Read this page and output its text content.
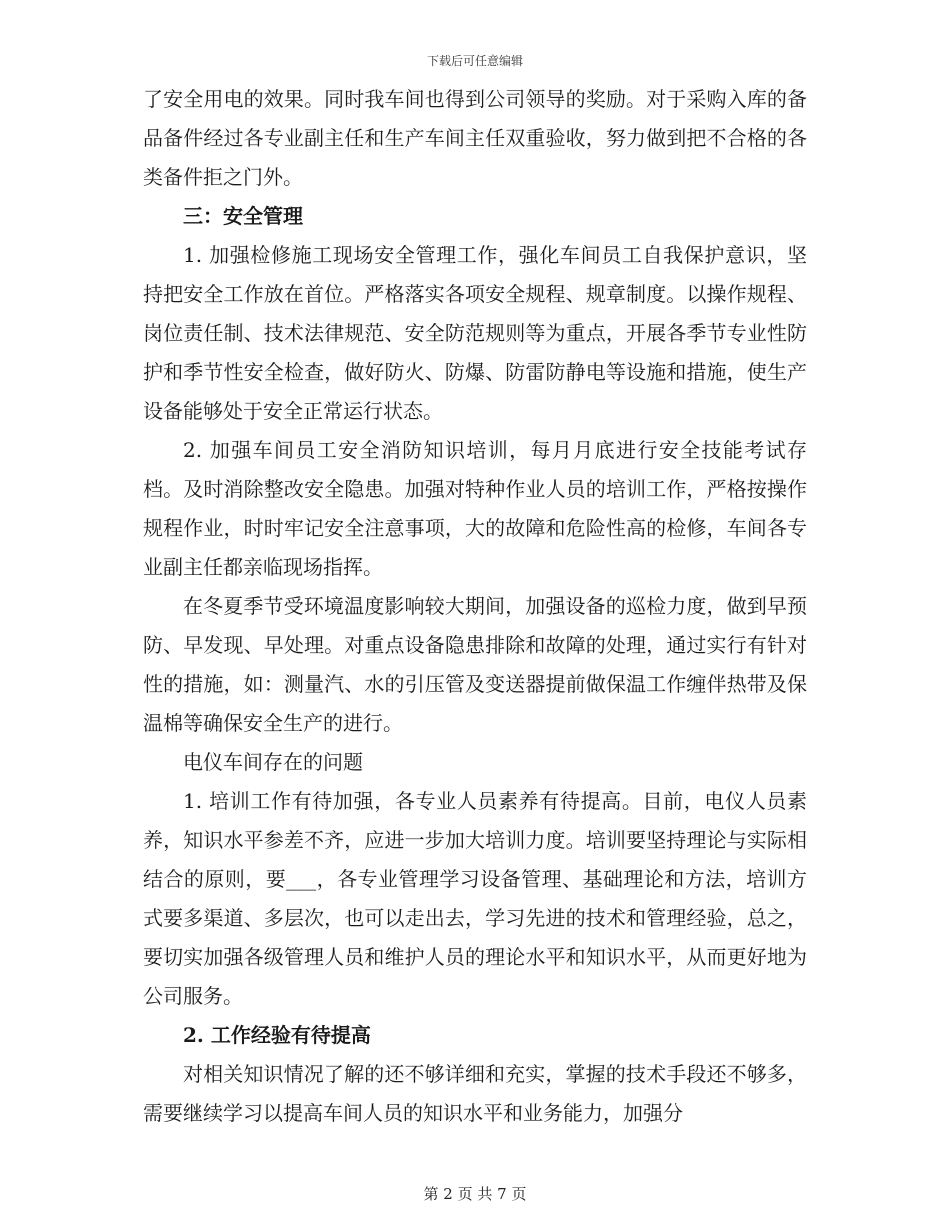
下载后可任意编辑

了安全用电的效果。同时我车间也得到公司领导的奖励。对于采购入库的备品备件经过各专业副主任和生产车间主任双重验收，努力做到把不合格的各类备件拒之门外。

三：安全管理

1. 加强检修施工现场安全管理工作，强化车间员工自我保护意识，坚持把安全工作放在首位。严格落实各项安全规程、规章制度。以操作规程、岗位责任制、技术法律规范、安全防范规则等为重点，开展各季节专业性防护和季节性安全检查，做好防火、防爆、防雷防静电等设施和措施，使生产设备能够处于安全正常运行状态。

2. 加强车间员工安全消防知识培训，每月月底进行安全技能考试存档。及时消除整改安全隐患。加强对特种作业人员的培训工作，严格按操作规程作业，时时牢记安全注意事项，大的故障和危险性高的检修，车间各专业副主任都亲临现场指挥。

在冬夏季节受环境温度影响较大期间，加强设备的巡检力度，做到早预防、早发现、早处理。对重点设备隐患排除和故障的处理，通过实行有针对性的措施，如：测量汽、水的引压管及变送器提前做保温工作缠伴热带及保温棉等确保安全生产的进行。

电仪车间存在的问题

1. 培训工作有待加强，各专业人员素养有待提高。目前，电仪人员素养，知识水平参差不齐，应进一步加大培训力度。培训要坚持理论与实际相结合的原则，要___，各专业管理学习设备管理、基础理论和方法，培训方式要多渠道、多层次，也可以走出去，学习先进的技术和管理经验，总之，要切实加强各级管理人员和维护人员的理论水平和知识水平，从而更好地为公司服务。

2. 工作经验有待提高

对相关知识情况了解的还不够详细和充实，掌握的技术手段还不够多，需要继续学习以提高车间人员的知识水平和业务能力，加强分

第 2 页 共 7 页
